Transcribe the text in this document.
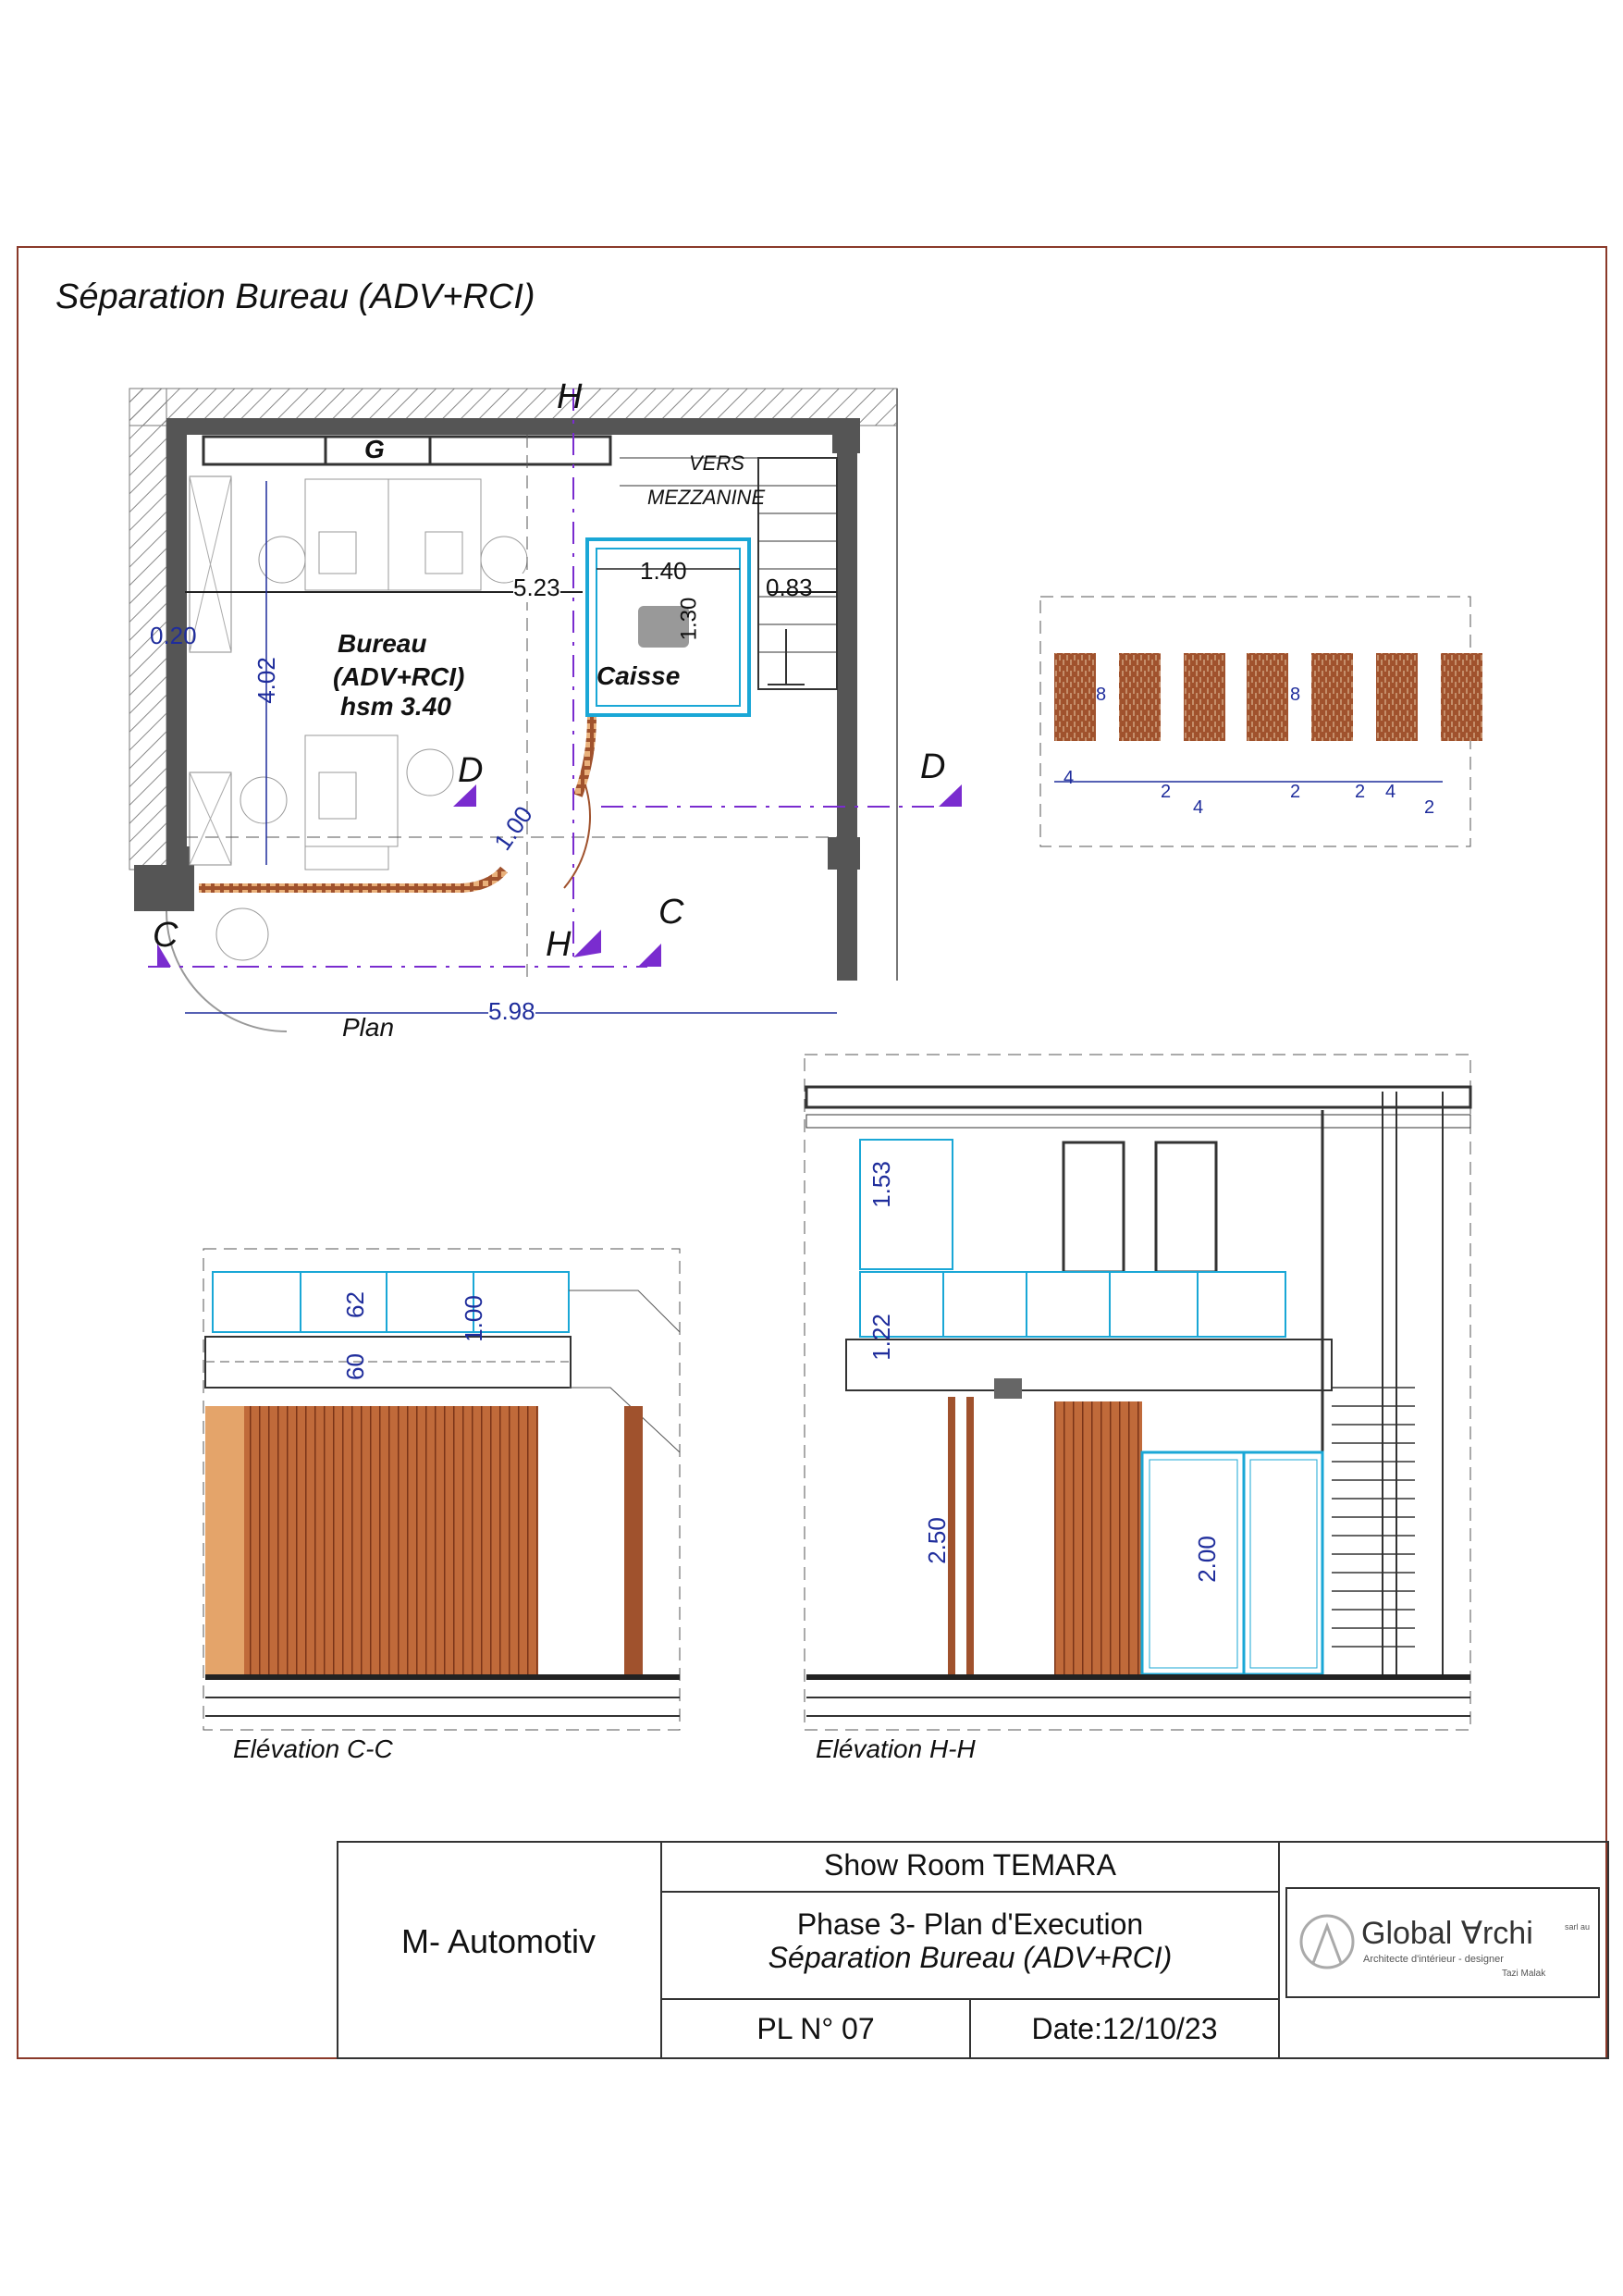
Séparation Bureau (ADV+RCI)
Plan
Bureau
(ADV+RCI)
hsm 3.40
Caisse
VERS
MEZZANINE
G
5.23
1.40
0.83
4.02
0.20
1.00
1.30
5.98
H
H
D	D
C
C
4
8
2
4
8
2	2 4
2
Elévation C-C
62	1.00
60
Elévation H-H
1.53
1.22
2.50	2.00
M- Automotiv
Show Room TEMARA
Phase 3- Plan d'Execution
Séparation Bureau (ADV+RCI)
PL N° 07	Date:12/10/23
Global ∀rchi	sarl au
Architecte d'intérieur - designer
Tazi Malak
